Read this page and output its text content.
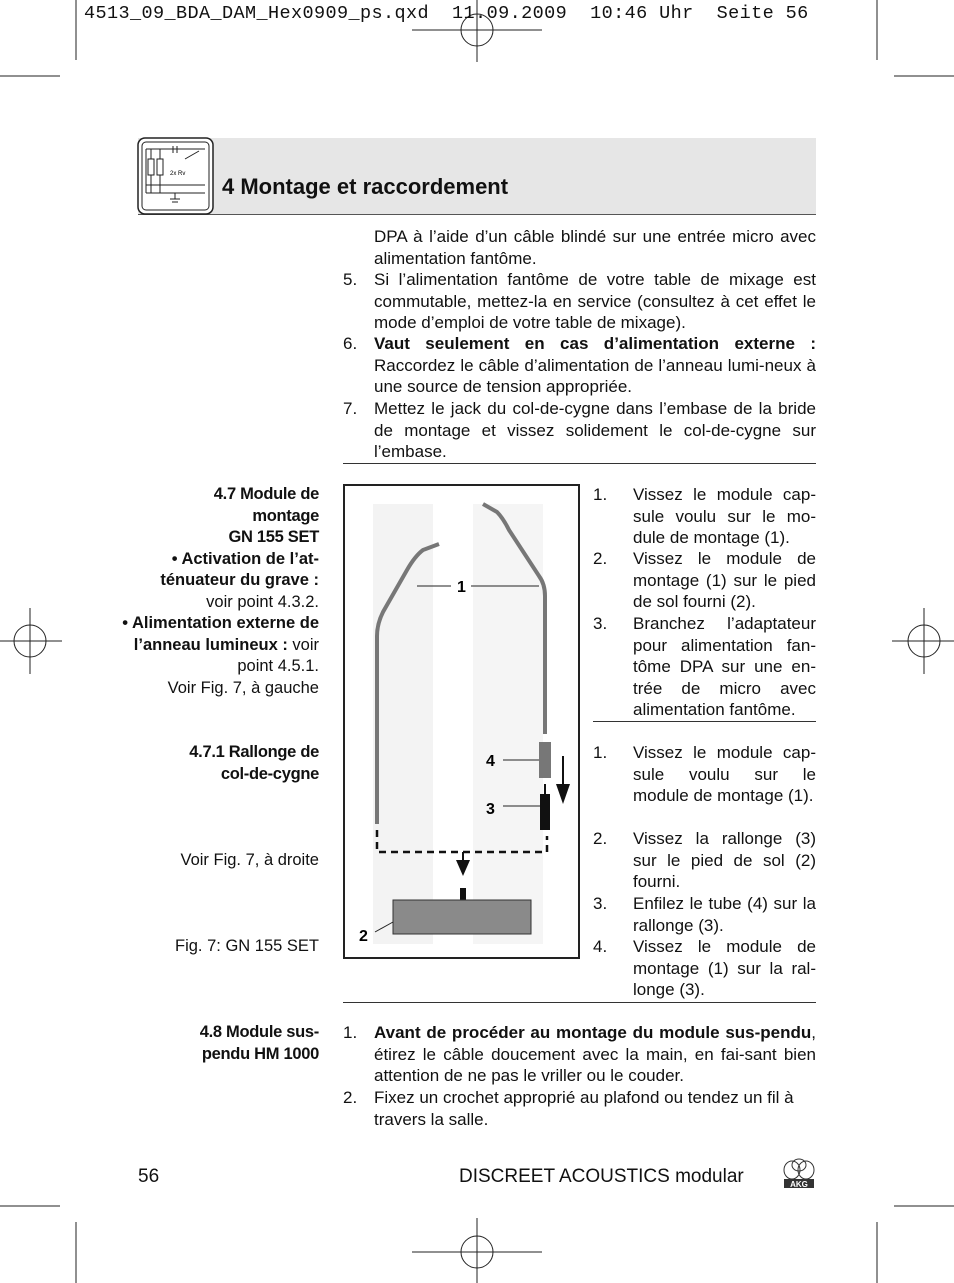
4513_09_BDA_DAM_Hex0909_ps.qxd  11.09.2009  10:46 Uhr  Seite 56
2x Rv 4 Montage et raccordement
DPA à l’aide d’un câble blindé sur une entrée micro avec alimentation fantôme.
5. Si l’alimentation fantôme de votre table de mixage est commutable, mettez-la en service (consultez à cet effet le mode d’emploi de votre table de mixage).
6. Vaut seulement en cas d’alimentation externe : Raccordez le câble d’alimentation de l’anneau lumi-neux à une source de tension appropriée.
7. Mettez le jack du col-de-cygne dans l’embase de la bride de montage et vissez solidement le col-de-cygne sur l’embase.
4.7 Module de
montage
GN 155 SET
• Activation de l’at-ténuateur du grave :
voir point 4.3.2.
• Alimentation externe de l’anneau lumineux : voir point 4.5.1.
Voir Fig. 7, à gauche
4.7.1 Rallonge de
col-de-cygne
Voir Fig. 7, à droite
Fig. 7: GN 155 SET
1
4
3
2
1. Vissez le module cap-sule voulu sur le mo-dule de montage (1).
2. Vissez le module de montage (1) sur le pied de sol fourni (2).
3. Branchez l’adaptateur pour alimentation fan-tôme DPA sur une en-trée de micro avec alimentation fantôme.
1. Vissez le module cap-sule voulu sur le module de montage (1).
2. Vissez la rallonge (3) sur le pied de sol (2) fourni.
3. Enfilez le tube (4) sur la rallonge (3).
4. Vissez le module de montage (1) sur la ral-longe (3).
4.8 Module sus-
pendu HM 1000
1. Avant de procéder au montage du module sus-pendu, étirez le câble doucement avec la main, en fai-sant bien attention de ne pas le vriller ou le couder.
2. Fixez un crochet approprié au plafond ou tendez un fil à travers la salle.
56	DISCREET ACOUSTICS modular	AKG
